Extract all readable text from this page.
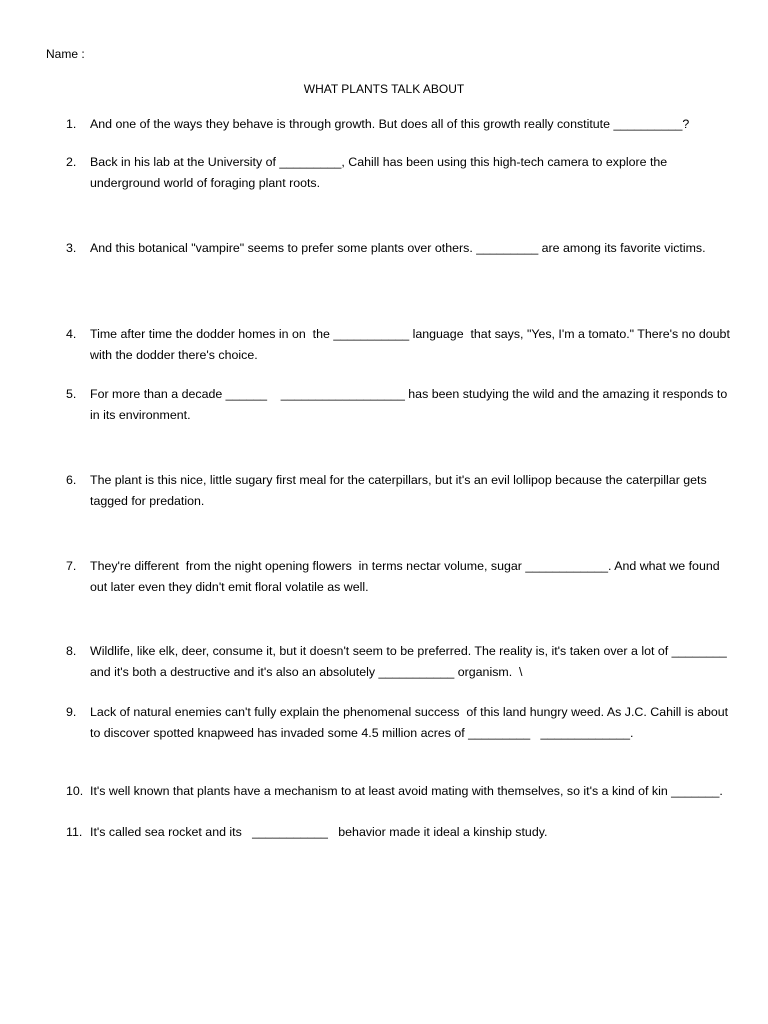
Name :
WHAT PLANTS TALK ABOUT
1.	And one of the ways they behave is through growth. But does all of this growth really constitute __________?
2.	Back in his lab at the University of _________, Cahill has been using this high-tech camera to explore the underground world of foraging plant roots.
3.	And this botanical "vampire" seems to prefer some plants over others. _________ are among its favorite victims.
4.	Time after time the dodder homes in on  the ___________ language  that says, "Yes, I'm a tomato." There's no doubt with the dodder there's choice.
5.	For more than a decade ______    __________________ has been studying the wild and the amazing it responds to in its environment.
6.	The plant is this nice, little sugary first meal for the caterpillars, but it's an evil lollipop because the caterpillar gets tagged for predation.
7.	They're different  from the night opening flowers  in terms nectar volume, sugar ____________. And what we found out later even they didn't emit floral volatile as well.
8.	Wildlife, like elk, deer, consume it, but it doesn't seem to be preferred. The reality is, it's taken over a lot of ________ and it's both a destructive and it's also an absolutely ___________ organism.  \
9.	Lack of natural enemies can't fully explain the phenomenal success  of this land hungry weed. As J.C. Cahill is about to discover spotted knapweed has invaded some 4.5 million acres of _________   _____________.
10. It's well known that plants have a mechanism to at least avoid mating with themselves, so it's a kind of kin _______.
11. It's called sea rocket and its   ___________   behavior made it ideal a kinship study.
